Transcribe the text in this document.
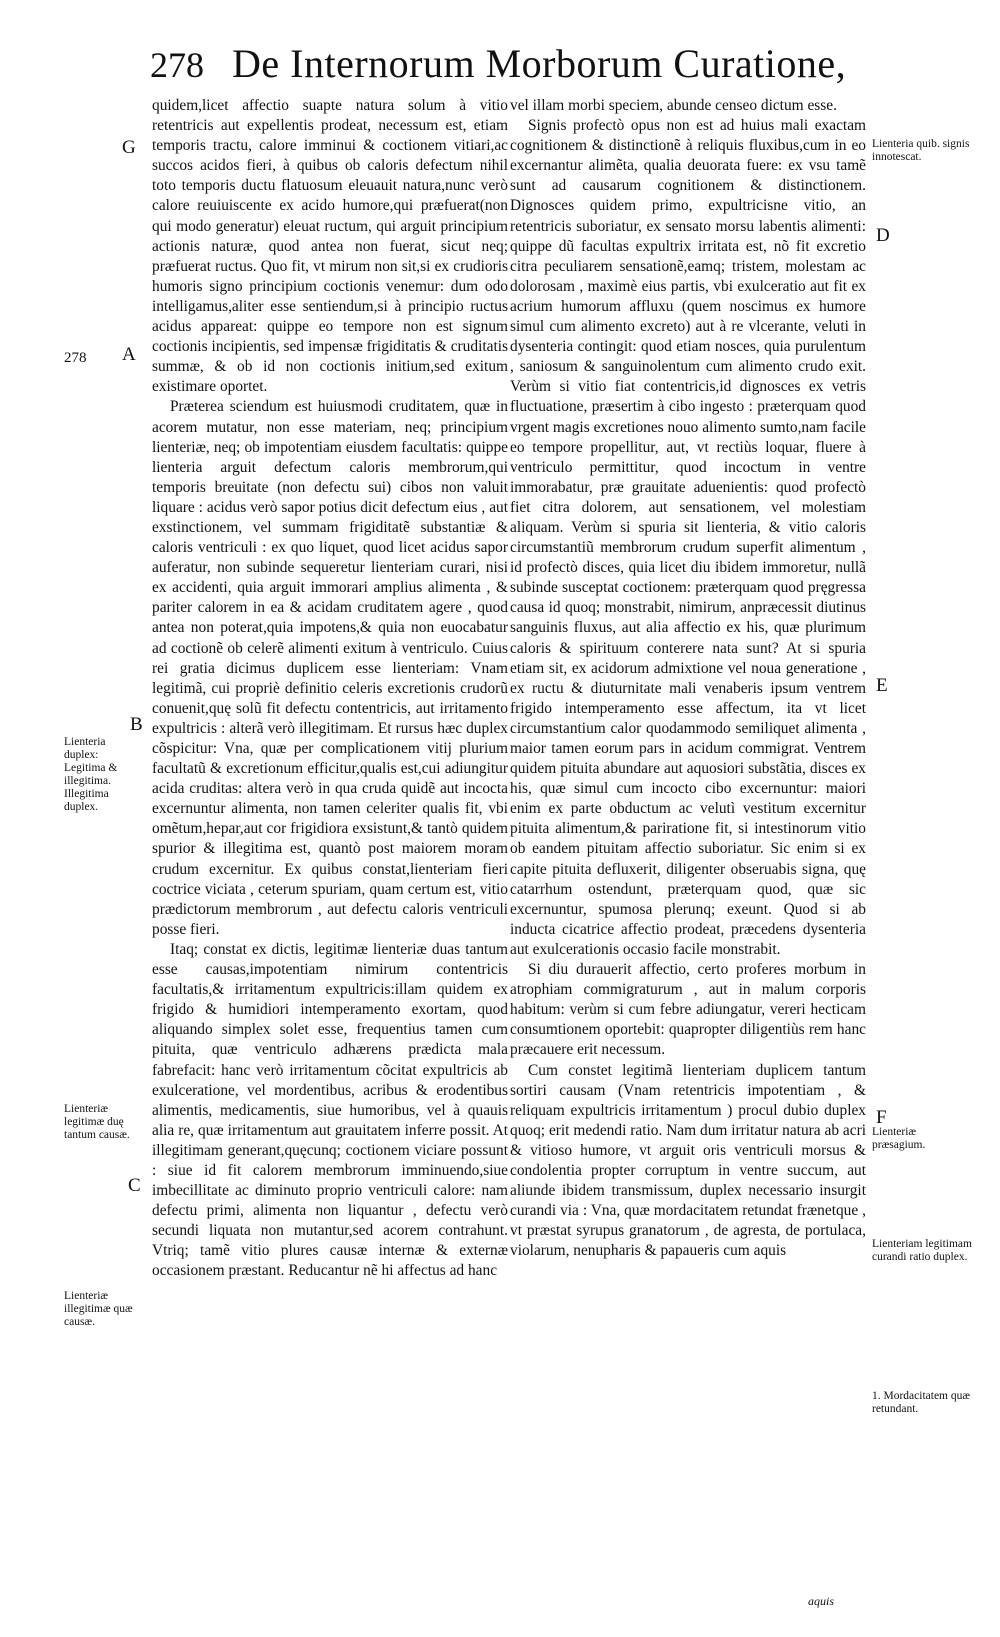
278 De Internorum Morborum Curatione,

quidem,licet affectio suapte natura solum à vitio retentricis aut expellentis prodeat, necessum est, etiam temporis tractu, calore imminui & coctionem vitiari,ac succos acidos fieri, à quibus ob caloris defectum nihil toto temporis ductu flatuosum eleuauit natura,nunc verò calore reuiuiscente ex acido humore,qui præfuerat(non qui modo generatur) eleuat ructum, qui arguit principium actionis naturæ, quod antea non fuerat, sicut neq; præfuerat ructus. Quo fit, vt mirum non sit,si ex crudioris humoris signo principium coctionis venemur: dum odo intelligamus,aliter esse sentiendum,si à principio ructus acidus appareat: quippe eo tempore non est signum coctionis incipientis, sed impensæ frigiditatis & cruditatis summæ, & ob id non coctionis initium,sed exitum existimare oportet.

Præterea sciendum est huiusmodi cruditatem, quæ in acorem mutatur, non esse materiam, neq; principium lienteriæ, neq; ob impotentiam eiusdem facultatis: quippe lienteria arguit defectum caloris membrorum,qui temporis breuitate (non defectu sui) cibos non valuit liquare : acidus verò sapor potius dicit defectum eius , aut exstinctionem, vel summam frigiditatẽ substantiæ & caloris ventriculi : ex quo liquet, quod licet acidus sapor auferatur, non subinde sequeretur lienteriam curari, nisi ex accidenti, quia arguit immorari amplius alimenta , & pariter calorem in ea & acidam cruditatem agere , quod antea non poterat,quia impotens,& quia non euocabatur ad coctionẽ ob celerẽ alimenti exitum à ventriculo. Cuius rei gratia dicimus duplicem esse lienteriam: Vnam legitimã, cui propriè definitio celeris excretionis crudorũ conuenit,quę solũ fit defectu contentricis, aut irritamento expultricis : alterã verò illegitimam. Et rursus hæc duplex cõspicitur: Vna, quæ per complicationem vitij plurium facultatũ & excretionum efficitur,qualis est,cui adiungitur acida cruditas: altera verò in qua cruda quidẽ aut incocta excernuntur alimenta, non tamen celeriter qualis fit, vbi omẽtum,hepar,aut cor frigidiora exsistunt,& tantò quidem spurior & illegitima est, quantò post maiorem moram crudum excernitur. Ex quibus constat,lienteriam fieri coctrice viciata , ceterum spuriam, quam certum est, vitio prædictorum membrorum , aut defectu caloris ventriculi posse fieri.

Itaq; constat ex dictis, legitimæ lienteriæ duas tantum esse causas,impotentiam nimirum contentricis facultatis,& irritamentum expultricis:illam quidem ex frigido & humidiori intemperamento exortam, quod aliquando simplex solet esse, frequentius tamen cum pituita, quæ ventriculo adhærens prædicta mala fabrefacit: hanc verò irritamentum cõcitat expultricis ab exulceratione, vel mordentibus, acribus & erodentibus alimentis, medicamentis, siue humoribus, vel à quauis alia re, quæ irritamentum aut grauitatem inferre possit. At illegitimam generant,quęcunq; coctionem viciare possunt : siue id fit calorem membrorum imminuendo,siue imbecillitate ac diminuto proprio ventriculi calore: nam defectu primi, alimenta non liquantur , defectu verò secundi liquata non mutantur,sed acorem contrahunt. Vtriq; tamẽ vitio plures causæ internæ & externæ occasionem præstant. Reducantur nẽ hi affectus ad hanc

vel illam morbi speciem, abunde censeo dictum esse.

Signis profectò opus non est ad huius mali exactam cognitionem & distinctionẽ à reliquis fluxibus,cum in eo excernantur alimẽta, qualia deuorata fuere: ex vsu tamẽ sunt ad causarum cognitionem & distinctionem. Dignosces quidem primo, expultricisne vitio, an retentricis suboriatur, ex sensato morsu labentis alimenti: quippe dũ facultas expultrix irritata est, nõ fit excretio citra peculiarem sensationẽ,eamq; tristem, molestam ac dolorosam , maximè eius partis, vbi exulceratio aut fit ex acrium humorum affluxu (quem noscimus ex humore simul cum alimento excreto) aut à re vlcerante, veluti in dysenteria contingit: quod etiam nosces, quia purulentum , saniosum & sanguinolentum cum alimento crudo exit. Verùm si vitio fiat contentricis,id dignosces ex vetris fluctuatione, præsertim à cibo ingesto : præterquam quod vrgent magis excretiones nouo alimento sumto,nam facile eo tempore propellitur, aut, vt rectiùs loquar, fluere à ventriculo permittitur, quod incoctum in ventre immorabatur, præ grauitate aduenientis: quod profectò fiet citra dolorem, aut sensationem, vel molestiam aliquam. Verùm si spuria sit lienteria, & vitio caloris circumstantiũ membrorum crudum superfit alimentum , id profectò disces, quia licet diu ibidem immoretur, nullã subinde susceptat coctionem: præterquam quod pręgressa causa id quoq; monstrabit, nimirum, anpræcessit diutinus sanguinis fluxus, aut alia affectio ex his, quæ plurimum caloris & spirituum conterere nata sunt? At si spuria etiam sit, ex acidorum admixtione vel noua generatione , ex ructu & diuturnitate mali venaberis ipsum ventrem frigido intemperamento esse affectum, ita vt licet circumstantium calor quodammodo semiliquet alimenta , maior tamen eorum pars in acidum commigrat. Ventrem quidem pituita abundare aut aquosiori substãtia, disces ex his, quæ simul cum incocto cibo excernuntur: maiori enim ex parte obductum ac velutì vestitum excernitur pituita alimentum,& pariratione fit, si intestinorum vitio ob eandem pituitam affectio suboriatur. Sic enim si ex capite pituita defluxerit, diligenter obseruabis signa, quę catarrhum ostendunt, præterquam quod, quæ sic excernuntur, spumosa plerunq; exeunt. Quod si ab inducta cicatrice affectio prodeat, præcedens dysenteria aut exulcerationis occasio facile monstrabit.

Si diu durauerit affectio, certo proferes morbum in atrophiam commigraturum , aut in malum corporis habitum: verùm si cum febre adiungatur, vereri hecticam consumtionem oportebit: quapropter diligentiùs rem hanc præcauere erit necessum.

Cum constet legitimã lienteriam duplicem tantum sortiri causam (Vnam retentricis impotentiam , & reliquam expultricis irritamentum ) procul dubio duplex quoq; erit medendi ratio. Nam dum irritatur natura ab acri & vitioso humore, vt arguit oris ventriculi morsus & condolentia propter corruptum in ventre succum, aut aliunde ibidem transmissum, duplex necessario insurgit curandi via : Vna, quæ mordacitatem retundat frænetque , vt præstat syrupus granatorum , de agresta, de portulaca, violarum, nenupharis & papaueris cum aquis

G
A
B
C
D
E
F
278
Lienteria duplex: Legitima & illegitima.
Illegitima duplex.
Lienteriæ legitimæ duę tantum causæ.
Lienteriæ illegitimæ quæ causæ.
Lienteria quib. signis innotescat.
Lienteriæ præsagium.
Lienteriam legitimam curandi ratio duplex.
1. Mordacitatem quæ retundant.
aquis
